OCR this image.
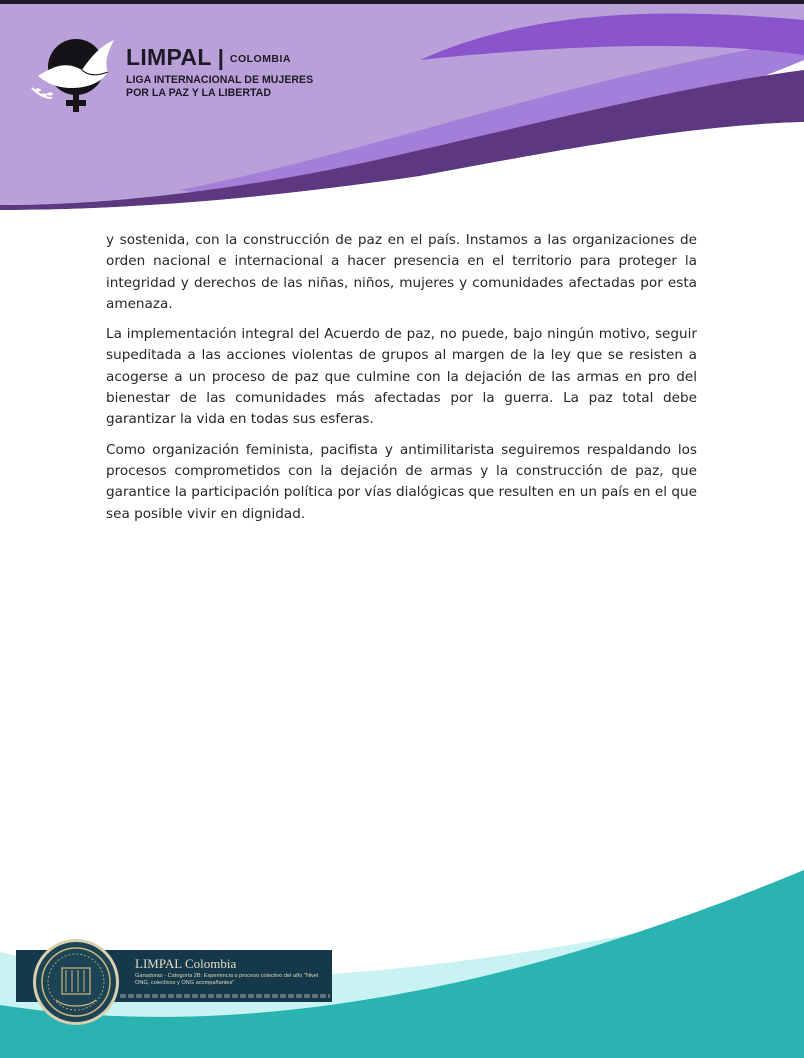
LIMPAL | COLOMBIA
LIGA INTERNACIONAL DE MUJERES
POR LA PAZ Y LA LIBERTAD

y sostenida, con la construcción de paz en el país. Instamos a las organizaciones de orden nacional e internacional a hacer presencia en el territorio para proteger la integridad y derechos de las niñas, niños, mujeres y comunidades afectadas por esta amenaza.

La implementación integral del Acuerdo de paz, no puede, bajo ningún motivo, seguir supeditada a las acciones violentas de grupos al margen de la ley que se resisten a acogerse a un proceso de paz que culmine con la dejación de las armas en pro del bienestar de las comunidades más afectadas por la guerra. La paz total debe garantizar la vida en todas sus esferas.

Como organización feminista, pacifista y antimilitarista seguiremos respaldando los procesos comprometidos con la dejación de armas y la construcción de paz, que garantice la participación política por vías dialógicas que resulten en un país en el que sea posible vivir en dignidad.

LIMPAL Colombia
Ganadoras - Categoría 2B: Experiencia o proceso colectivo del año "Nivel ONG, colectivos y ONG acompañantes"
